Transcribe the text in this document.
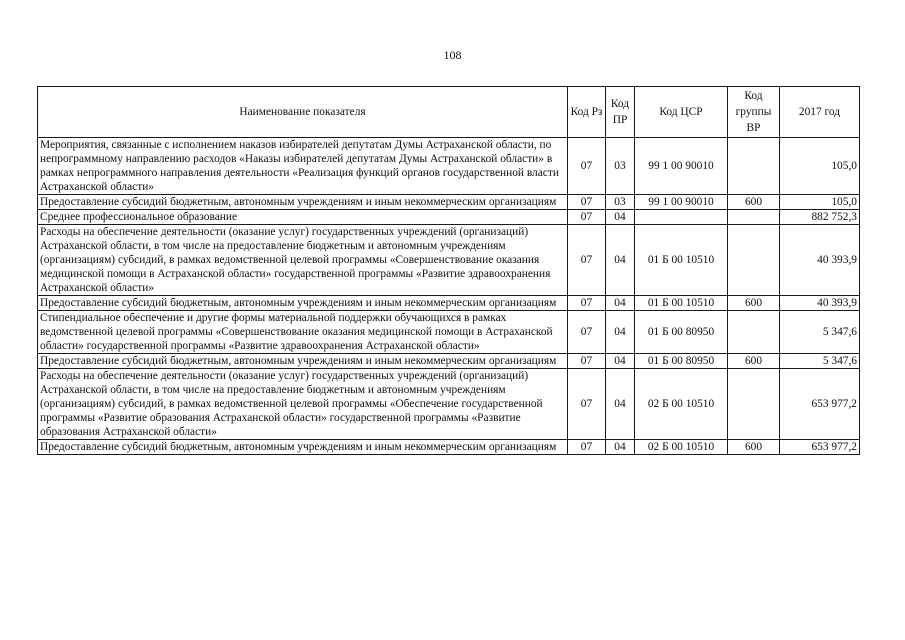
108
Наименование показателя	Код Рз	Код ПР	Код ЦСР	Код группы ВР	2017 год
Мероприятия, связанные с исполнением наказов избирателей депутатам Думы Астраханской области, по непрограммному направлению расходов «Наказы избирателей депутатам Думы Астраханской области» в рамках непрограммного направления деятельности «Реализация функций органов государственной власти Астраханской области»	07	03	99 1 00 90010		105,0
Предоставление субсидий бюджетным, автономным учреждениям и иным некоммерческим организациям	07	03	99 1 00 90010	600	105,0
Среднее профессиональное образование	07	04			882 752,3
Расходы на обеспечение деятельности (оказание услуг) государственных учреждений (организаций) Астраханской области, в том числе на предоставление бюджетным и автономным учреждениям (организациям) субсидий, в рамках ведомственной целевой программы «Совершенствование оказания медицинской помощи в Астраханской области» государственной программы «Развитие здравоохранения Астраханской области»	07	04	01 Б 00 10510		40 393,9
Предоставление субсидий бюджетным, автономным учреждениям и иным некоммерческим организациям	07	04	01 Б 00 10510	600	40 393,9
Стипендиальное обеспечение и другие формы материальной поддержки обучающихся в рамках ведомственной целевой программы «Совершенствование оказания медицинской помощи в Астраханской области» государственной программы «Развитие здравоохранения Астраханской области»	07	04	01 Б 00 80950		5 347,6
Предоставление субсидий бюджетным, автономным учреждениям и иным некоммерческим организациям	07	04	01 Б 00 80950	600	5 347,6
Расходы на обеспечение деятельности (оказание услуг) государственных учреждений (организаций) Астраханской области, в том числе на предоставление бюджетным и автономным учреждениям (организациям) субсидий, в рамках ведомственной целевой программы «Обеспечение государственной программы «Развитие образования Астраханской области» государственной программы «Развитие образования Астраханской области»	07	04	02 Б 00 10510		653 977,2
Предоставление субсидий бюджетным, автономным учреждениям и иным некоммерческим организациям	07	04	02 Б 00 10510	600	653 977,2
